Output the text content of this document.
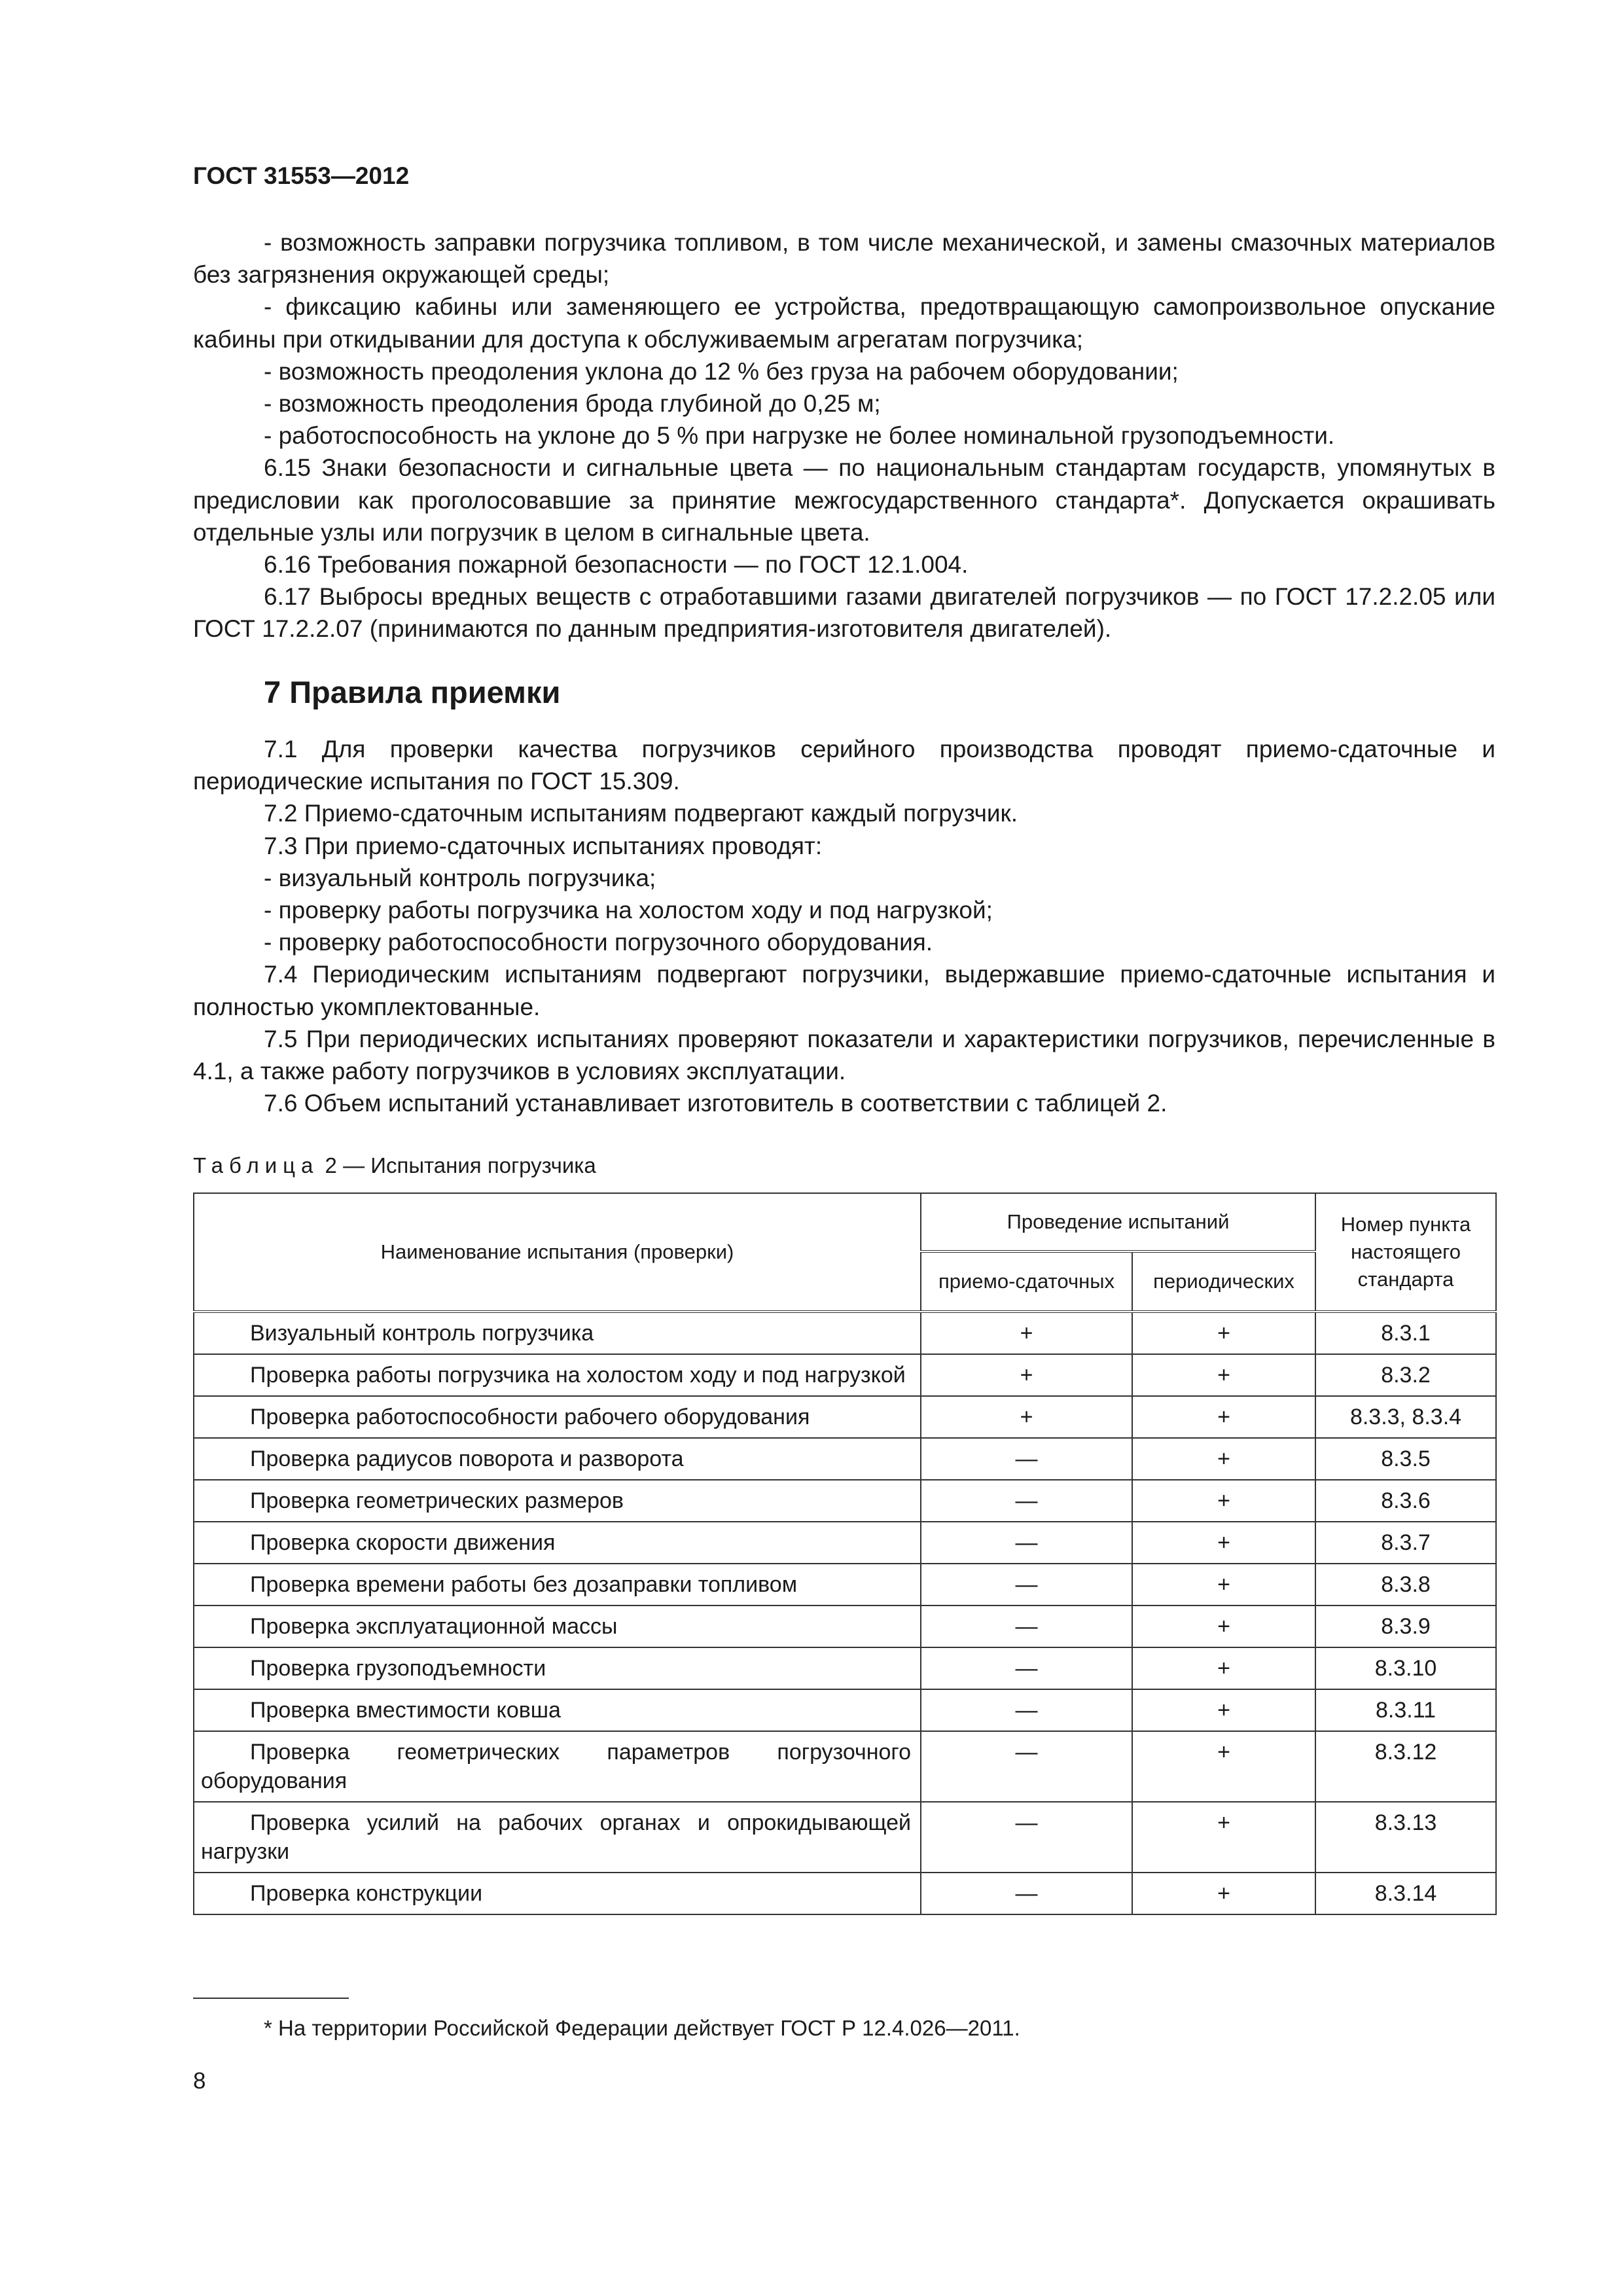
ГОСТ 31553—2012

- возможность заправки погрузчика топливом, в том числе механической, и замены смазочных материалов без загрязнения окружающей среды;

- фиксацию кабины или заменяющего ее устройства, предотвращающую самопроизвольное опускание кабины при откидывании для доступа к обслуживаемым агрегатам погрузчика;

- возможность преодоления уклона до 12 % без груза на рабочем оборудовании;

- возможность преодоления брода глубиной до 0,25 м;

- работоспособность на уклоне до 5 % при нагрузке не более номинальной грузоподъемности.

6.15 Знаки безопасности и сигнальные цвета — по национальным стандартам государств, упомянутых в предисловии как проголосовавшие за принятие межгосударственного стандарта*. Допускается окрашивать отдельные узлы или погрузчик в целом в сигнальные цвета.

6.16 Требования пожарной безопасности — по ГОСТ 12.1.004.

6.17 Выбросы вредных веществ с отработавшими газами двигателей погрузчиков — по ГОСТ 17.2.2.05 или ГОСТ 17.2.2.07 (принимаются по данным предприятия-изготовителя двигателей).

7 Правила приемки

7.1 Для проверки качества погрузчиков серийного производства проводят приемо-сдаточные и периодические испытания по ГОСТ 15.309.

7.2 Приемо-сдаточным испытаниям подвергают каждый погрузчик.

7.3 При приемо-сдаточных испытаниях проводят:

- визуальный контроль погрузчика;

- проверку работы погрузчика на холостом ходу и под нагрузкой;

- проверку работоспособности погрузочного оборудования.

7.4 Периодическим испытаниям подвергают погрузчики, выдержавшие приемо-сдаточные испытания и полностью укомплектованные.

7.5 При периодических испытаниях проверяют показатели и характеристики погрузчиков, перечисленные в 4.1, а также работу погрузчиков в условиях эксплуатации.

7.6 Объем испытаний устанавливает изготовитель в соответствии с таблицей 2.

Таблица 2 — Испытания погрузчика
Наименование испытания (проверки)	Проведение испытаний		Номер пункта настоящего стандарта
	приемо-сдаточных	периодических	
Визуальный контроль погрузчика	+	+	8.3.1
Проверка работы погрузчика на холостом ходу и под нагрузкой	+	+	8.3.2
Проверка работоспособности рабочего оборудования	+	+	8.3.3, 8.3.4
Проверка радиусов поворота и разворота	—	+	8.3.5
Проверка геометрических размеров	—	+	8.3.6
Проверка скорости движения	—	+	8.3.7
Проверка времени работы без дозаправки топливом	—	+	8.3.8
Проверка эксплуатационной массы	—	+	8.3.9
Проверка грузоподъемности	—	+	8.3.10
Проверка вместимости ковша	—	+	8.3.11
Проверка геометрических параметров погрузочного оборудования	—	+	8.3.12
Проверка усилий на рабочих органах и опрокидывающей нагрузки	—	+	8.3.13
Проверка конструкции	—	+	8.3.14
* На территории Российской Федерации действует ГОСТ Р 12.4.026—2011.
8
